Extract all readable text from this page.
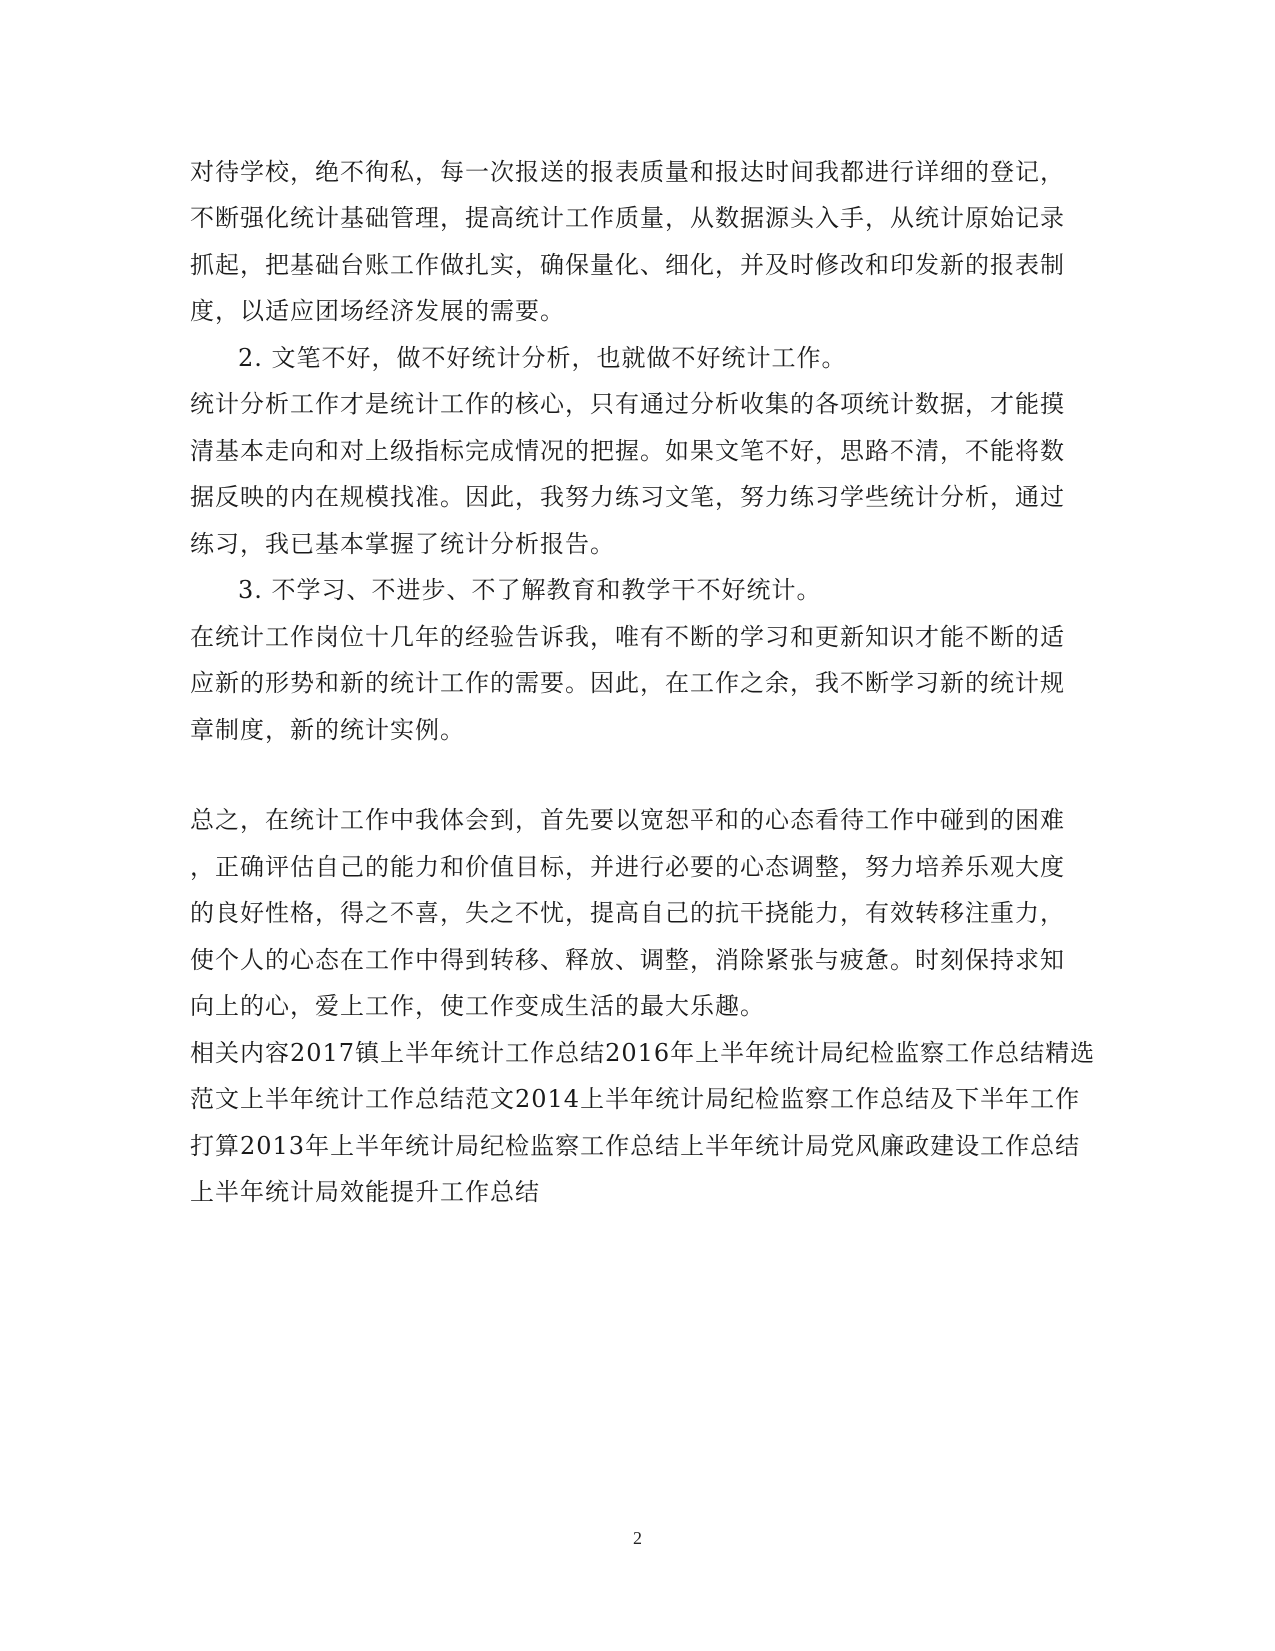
对待学校，绝不徇私，每一次报送的报表质量和报达时间我都进行详细的登记，
不断强化统计基础管理，提高统计工作质量，从数据源头入手，从统计原始记录
抓起，把基础台账工作做扎实，确保量化、细化，并及时修改和印发新的报表制
度，以适应团场经济发展的需要。
2. 文笔不好，做不好统计分析，也就做不好统计工作。
统计分析工作才是统计工作的核心，只有通过分析收集的各项统计数据，才能摸
清基本走向和对上级指标完成情况的把握。如果文笔不好，思路不清，不能将数
据反映的内在规模找准。因此，我努力练习文笔，努力练习学些统计分析，通过
练习，我已基本掌握了统计分析报告。
3. 不学习、不进步、不了解教育和教学干不好统计。
在统计工作岗位十几年的经验告诉我，唯有不断的学习和更新知识才能不断的适
应新的形势和新的统计工作的需要。因此，在工作之余，我不断学习新的统计规
章制度，新的统计实例。
总之，在统计工作中我体会到，首先要以宽恕平和的心态看待工作中碰到的困难
，正确评估自己的能力和价值目标，并进行必要的心态调整，努力培养乐观大度
的良好性格，得之不喜，失之不忧，提高自己的抗干挠能力，有效转移注重力，
使个人的心态在工作中得到转移、释放、调整，消除紧张与疲惫。时刻保持求知
向上的心，爱上工作，使工作变成生活的最大乐趣。
相关内容2017镇上半年统计工作总结2016年上半年统计局纪检监察工作总结精选
范文上半年统计工作总结范文2014上半年统计局纪检监察工作总结及下半年工作
打算2013年上半年统计局纪检监察工作总结上半年统计局党风廉政建设工作总结
上半年统计局效能提升工作总结
2
